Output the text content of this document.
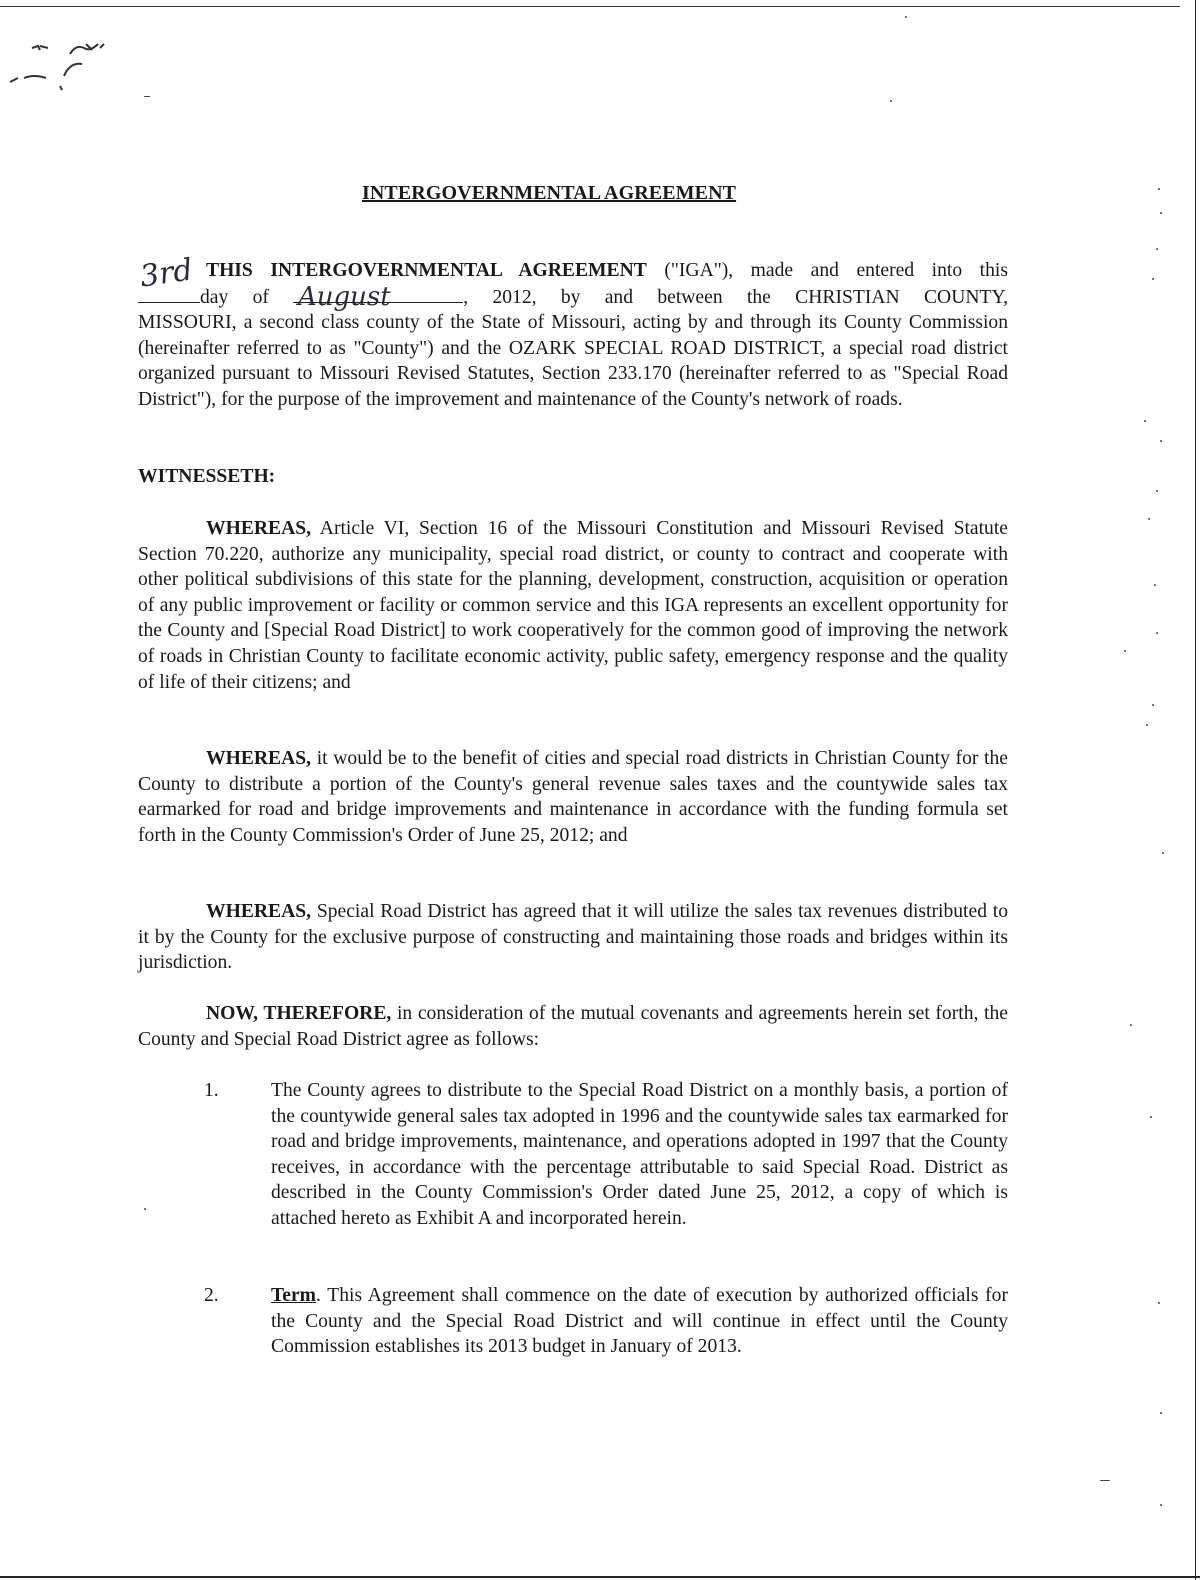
INTERGOVERNMENTAL AGREEMENT
3rd
August
THIS INTERGOVERNMENTAL AGREEMENT ("IGA"), made and entered into this
day of	, 2012, by and between the CHRISTIAN COUNTY,
MISSOURI, a second class county of the State of Missouri, acting by and through its County Commission (hereinafter referred to as "County") and the OZARK SPECIAL ROAD DISTRICT, a special road district organized pursuant to Missouri Revised Statutes, Section 233.170 (hereinafter referred to as "Special Road District"), for the purpose of the improvement and maintenance of the County's network of roads.
WITNESSETH:
WHEREAS, Article VI, Section 16 of the Missouri Constitution and Missouri Revised Statute Section 70.220, authorize any municipality, special road district, or county to contract and cooperate with other political subdivisions of this state for the planning, development, construction, acquisition or operation of any public improvement or facility or common service and this IGA represents an excellent opportunity for the County and [Special Road District] to work cooperatively for the common good of improving the network of roads in Christian County to facilitate economic activity, public safety, emergency response and the quality of life of their citizens; and
WHEREAS, it would be to the benefit of cities and special road districts in Christian County for the County to distribute a portion of the County's general revenue sales taxes and the countywide sales tax earmarked for road and bridge improvements and maintenance in accordance with the funding formula set forth in the County Commission's Order of June 25, 2012; and
WHEREAS, Special Road District has agreed that it will utilize the sales tax revenues distributed to it by the County for the exclusive purpose of constructing and maintaining those roads and bridges within its jurisdiction.
NOW, THEREFORE, in consideration of the mutual covenants and agreements herein set forth, the County and Special Road District agree as follows:
1.	The County agrees to distribute to the Special Road District on a monthly basis, a portion of the countywide general sales tax adopted in 1996 and the countywide sales tax earmarked for road and bridge improvements, maintenance, and operations adopted in 1997 that the County receives, in accordance with the percentage attributable to said Special Road. District as described in the County Commission's Order dated June 25, 2012, a copy of which is attached hereto as Exhibit A and incorporated herein.
2.	Term. This Agreement shall commence on the date of execution by authorized officials for the County and the Special Road District and will continue in effect until the County Commission establishes its 2013 budget in January of 2013.
